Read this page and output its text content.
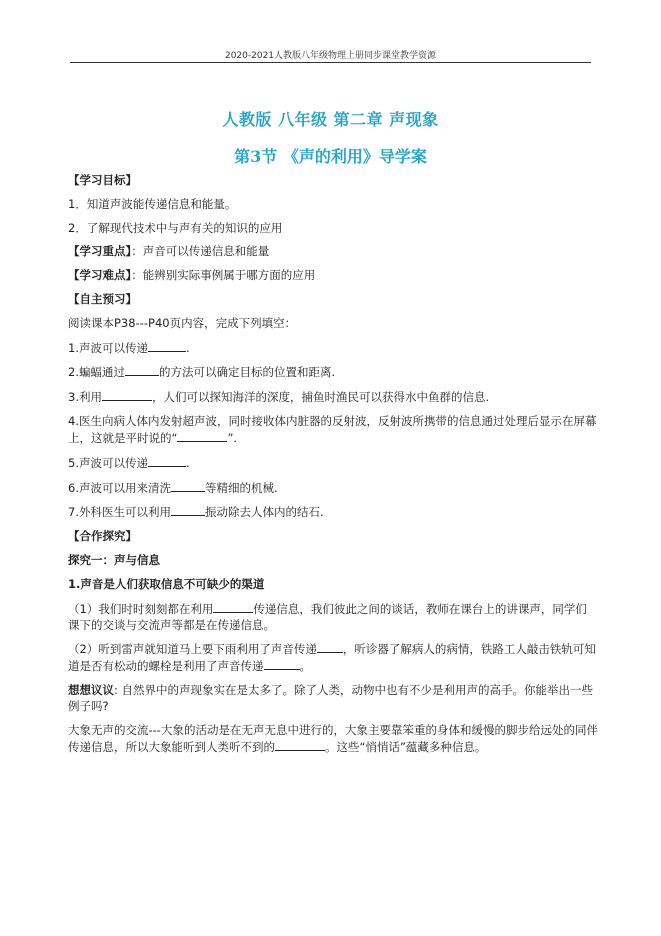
2020-2021人教版八年级物理上册同步课堂教学资源
人教版 八年级 第二章 声现象
第3节 《声的利用》导学案
【学习目标】
1．知道声波能传递信息和能量。
2．了解现代技术中与声有关的知识的应用
【学习重点】：声音可以传递信息和能量
【学习难点】：能辨别实际事例属于哪方面的应用
【自主预习】
阅读课本P38---P40页内容，完成下列填空：
1.声波可以传递	.
2.蝙蝠通过	的方法可以确定目标的位置和距离.
3.利用	，人们可以探知海洋的深度，捕鱼时渔民可以获得水中鱼群的信息.
4.医生向病人体内发射超声波，同时接收体内脏器的反射波，反射波所携带的信息通过处理后显示在屏幕上，这就是平时说的“	”.
5.声波可以传递	.
6.声波可以用来清洗	等精细的机械.
7.外科医生可以利用	振动除去人体内的结石.
【合作探究】
探究一：声与信息
1.声音是人们获取信息不可缺少的渠道
（1）我们时时刻刻都在利用	传递信息，我们彼此之间的谈话，教师在课台上的讲课声，同学们课下的交谈与交流声等都是在传递信息。
（2）听到雷声就知道马上要下雨利用了声音传递 ，听诊器了解病人的病情，铁路工人敲击铁轨可知道是否有松动的螺栓是利用了声音传递	。
想想议议: 自然界中的声现象实在是太多了。除了人类，动物中也有不少是利用声的高手。你能举出一些例子吗?
大象无声的交流---大象的活动是在无声无息中进行的，大象主要靠笨重的身体和缓慢的脚步给远处的同伴传递信息，所以大象能听到人类听不到的	。这些“悄悄话”蕴藏多种信息。
